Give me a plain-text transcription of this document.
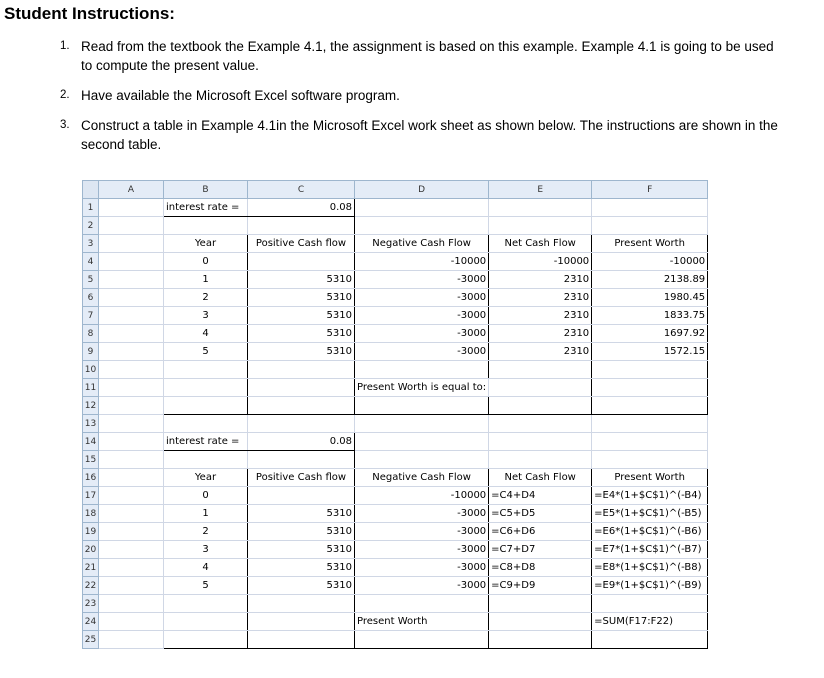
Student Instructions:
1. Read from the textbook the Example 4.1, the assignment is based on this example. Example 4.1 is going to be used to compute the present value.
2. Have available the Microsoft Excel software program.
3. Construct a table in Example 4.1in the Microsoft Excel work sheet as shown below. The instructions are shown in the second table.
	A	B	C	D	E	F
1		interest rate =	0.08			
2						
3		Year	Positive Cash flow	Negative Cash Flow	Net Cash Flow	Present Worth
4		0		-10000	-10000	-10000
5		1	5310	-3000	2310	2138.89
6		2	5310	-3000	2310	1980.45
7		3	5310	-3000	2310	1833.75
8		4	5310	-3000	2310	1697.92
9		5	5310	-3000	2310	1572.15
10						
11				Present Worth is equal to:		
12						
13						
14		interest rate =	0.08			
15						
16		Year	Positive Cash flow	Negative Cash Flow	Net Cash Flow	Present Worth
17		0		-10000	=C4+D4	=E4*(1+$C$1)^(-B4)
18		1	5310	-3000	=C5+D5	=E5*(1+$C$1)^(-B5)
19		2	5310	-3000	=C6+D6	=E6*(1+$C$1)^(-B6)
20		3	5310	-3000	=C7+D7	=E7*(1+$C$1)^(-B7)
21		4	5310	-3000	=C8+D8	=E8*(1+$C$1)^(-B8)
22		5	5310	-3000	=C9+D9	=E9*(1+$C$1)^(-B9)
23						
24				Present Worth		=SUM(F17:F22)
25						
